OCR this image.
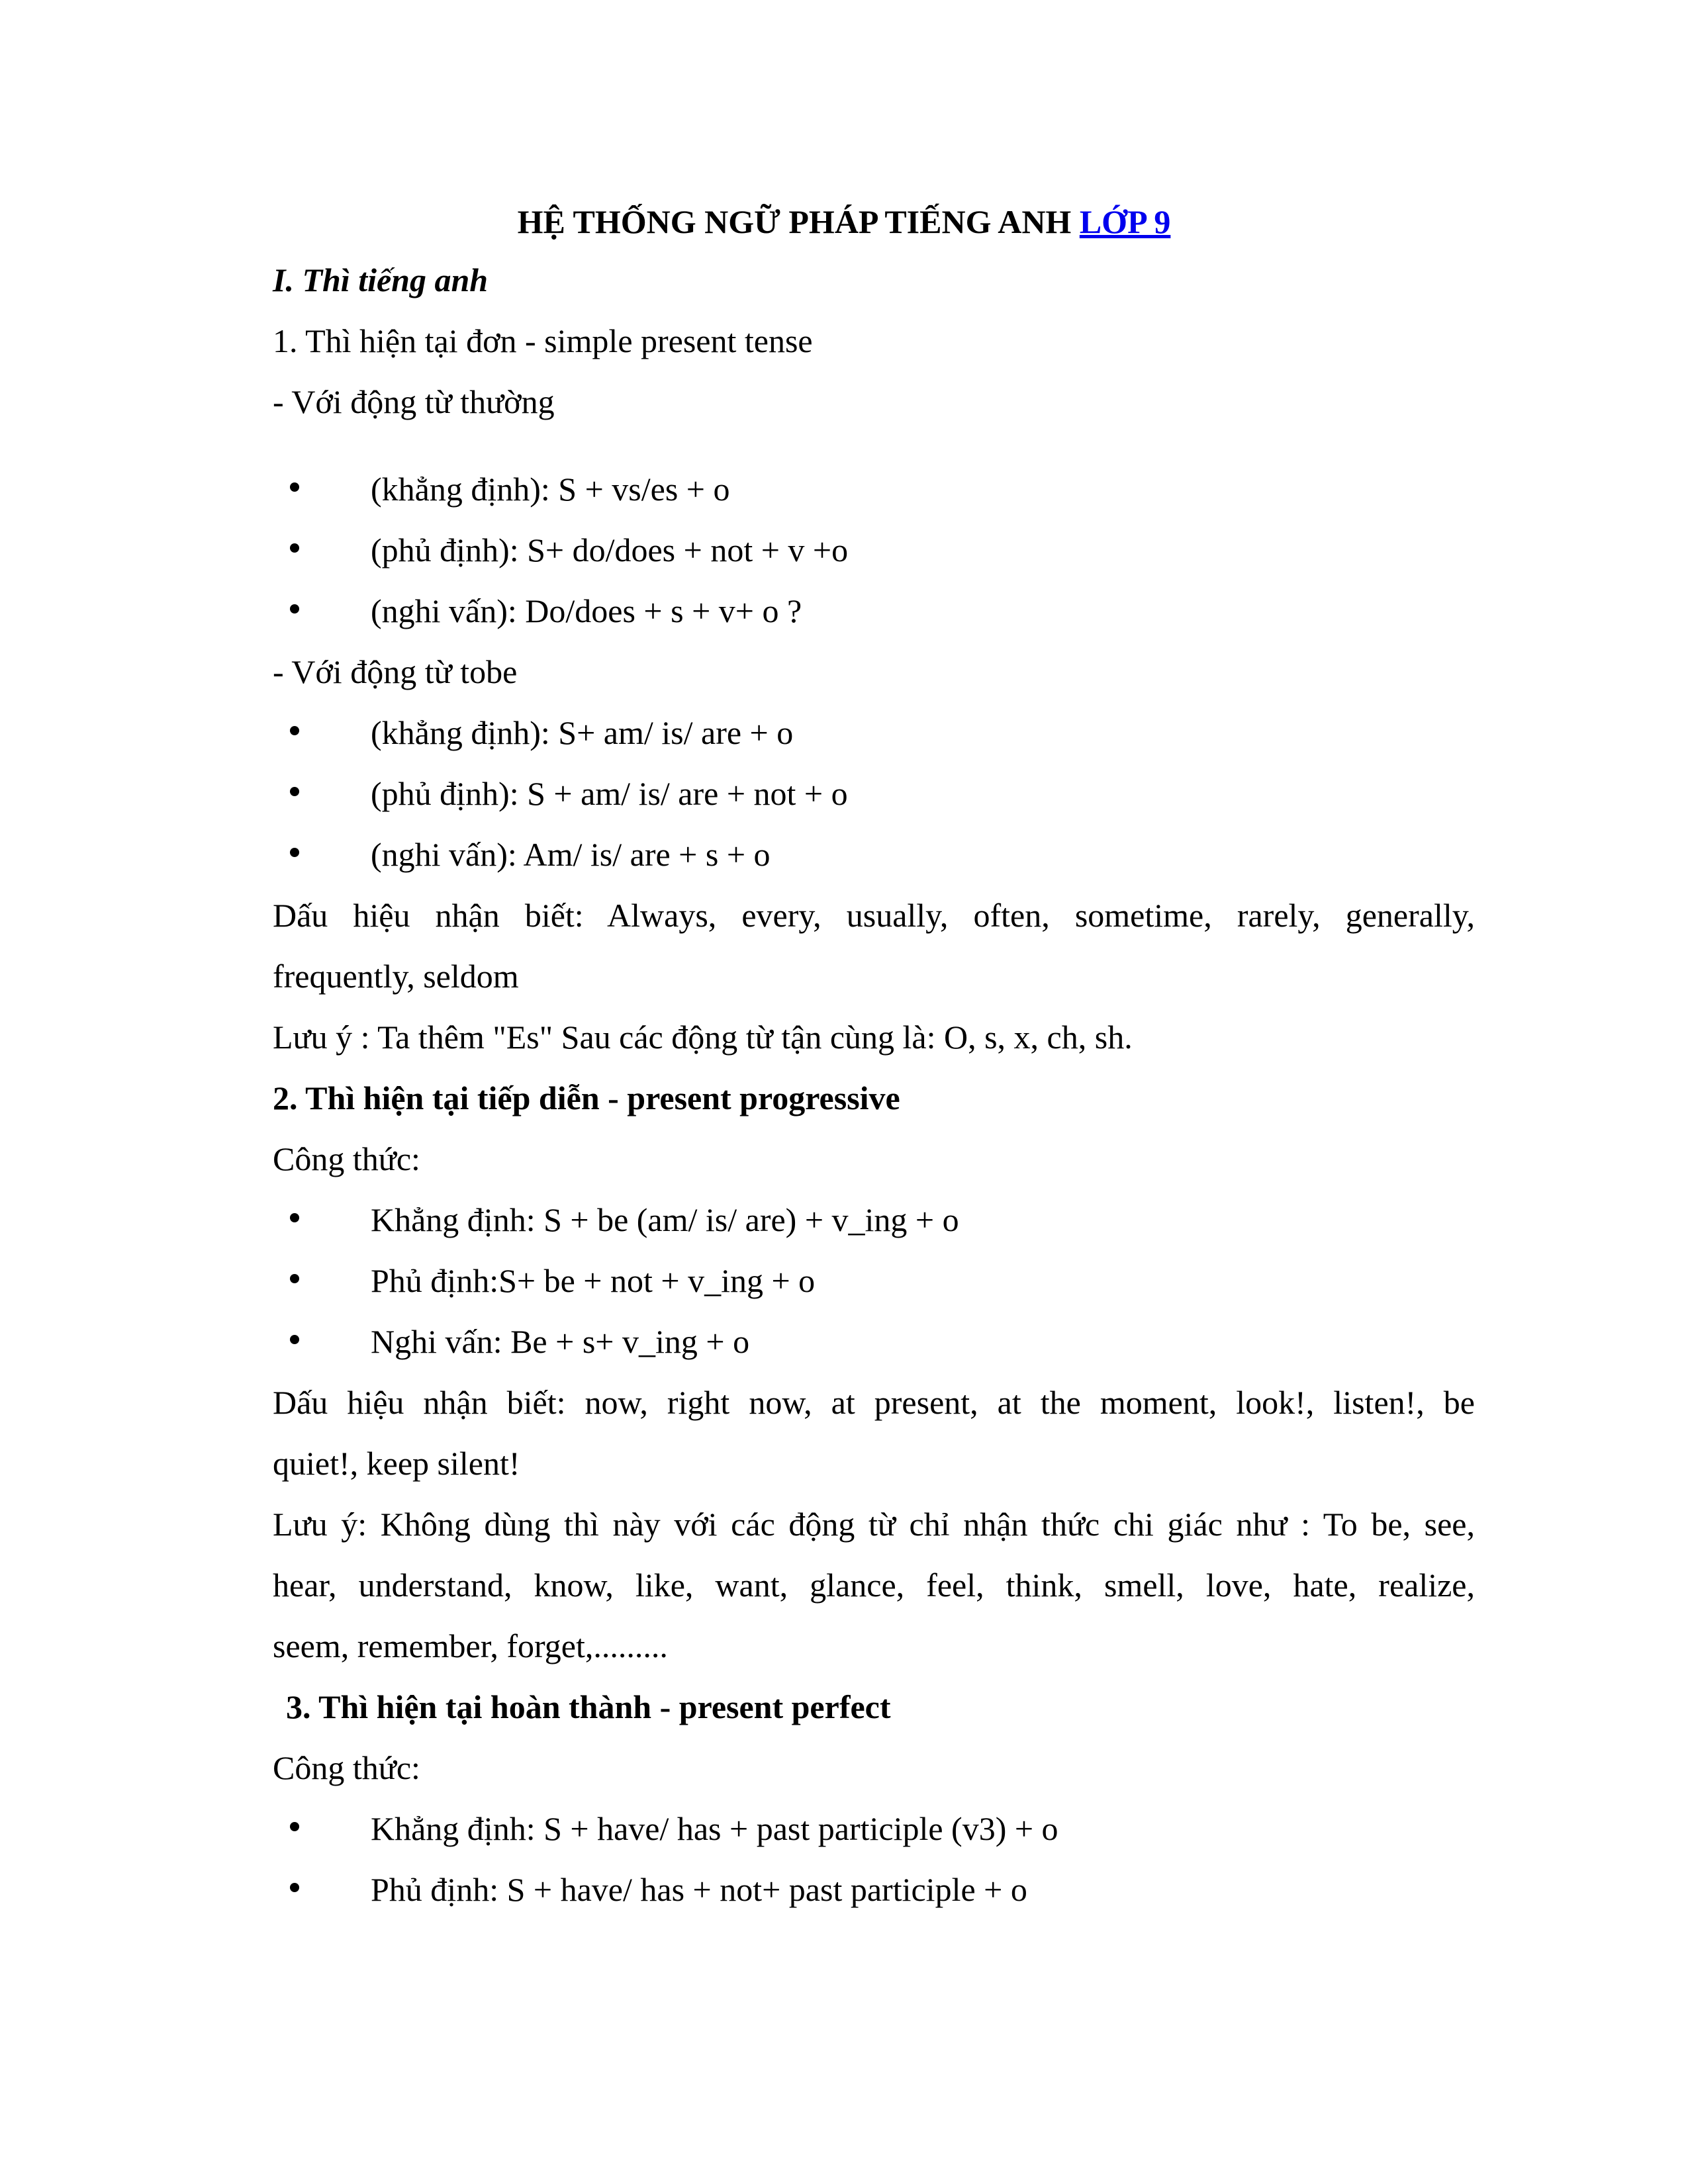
HỆ THỐNG NGỮ PHÁP TIẾNG ANH LỚP 9
I. Thì tiếng anh
1. Thì hiện tại đơn - simple present tense
- Với động từ thường
(khẳng định): S + vs/es + o
(phủ định): S+ do/does + not + v +o
(nghi vấn): Do/does + s + v+ o ?
- Với động từ tobe
(khẳng định): S+ am/ is/ are + o
(phủ định): S + am/ is/ are + not + o
(nghi vấn): Am/ is/ are + s + o
Dấu hiệu nhận biết: Always, every, usually, often, sometime, rarely, generally,
frequently, seldom
Lưu ý : Ta thêm "Es" Sau các động từ tận cùng là: O, s, x, ch, sh.
2. Thì hiện tại tiếp diễn - present progressive
Công thức:
Khẳng định: S + be (am/ is/ are) + v_ing + o
Phủ định:S+ be + not + v_ing + o
Nghi vấn: Be + s+ v_ing + o
Dấu hiệu nhận biết: now, right now, at present, at the moment, look!, listen!, be
quiet!, keep silent!
Lưu ý: Không dùng thì này với các động từ chỉ nhận thức chi giác như : To be, see,
hear, understand, know, like, want, glance, feel, think, smell, love, hate, realize,
seem, remember, forget,.........
3. Thì hiện tại hoàn thành - present perfect
Công thức:
Khẳng định: S + have/ has + past participle (v3) + o
Phủ định: S + have/ has + not+ past participle + o
